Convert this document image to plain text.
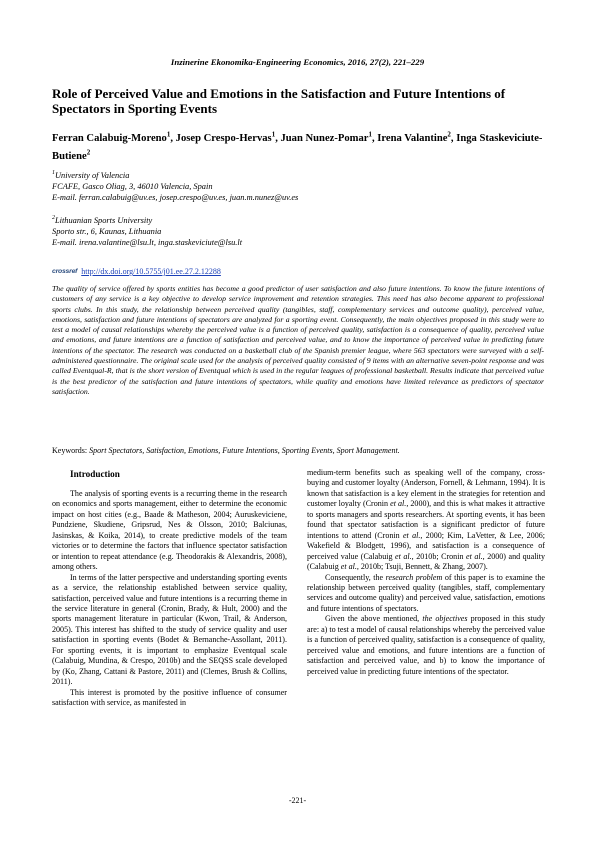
Inzinerine Ekonomika-Engineering Economics, 2016, 27(2), 221–229
Role of Perceived Value and Emotions in the Satisfaction and Future Intentions of Spectators in Sporting Events
Ferran Calabuig-Moreno$^1$, Josep Crespo-Hervas$^1$, Juan Nunez-Pomar$^1$, Irena Valantine$^2$, Inga Staskeviciute-Butiene$^2$
$^1$University of Valencia
FCAFE, Gasco Oliag, 3, 46010 Valencia, Spain
E-mail. ferran.calabuig@uv.es, josep.crespo@uv.es, juan.m.nunez@uv.es
$^2$Lithuanian Sports University
Sporto str., 6, Kaunas, Lithuania
E-mail. irena.valantine@lsu.lt, inga.staskeviciute@lsu.lt
crossref http://dx.doi.org/10.5755/j01.ee.27.2.12288
The quality of service offered by sports entities has become a good predictor of user satisfaction and also future intentions. To know the future intentions of customers of any service is a key objective to develop service improvement and retention strategies. This need has also become apparent to professional sports clubs. In this study, the relationship between perceived quality (tangibles, staff, complementary services and outcome quality), perceived value, emotions, satisfaction and future intentions of spectators are analyzed for a sporting event. Consequently, the main objectives proposed in this study were to test a model of causal relationships whereby the perceived value is a function of perceived quality, satisfaction is a consequence of quality, perceived value and emotions, and future intentions are a function of satisfaction and perceived value, and to know the importance of perceived value in predicting future intentions of the spectator. The research was conducted on a basketball club of the Spanish premier league, where 563 spectators were surveyed with a self-administered questionnaire. The original scale used for the analysis of perceived quality consisted of 9 items with an alternative seven-point response and was called Eventqual-R, that is the short version of Eventqual which is used in the regular leagues of professional basketball. Results indicate that perceived value is the best predictor of the satisfaction and future intentions of spectators, while quality and emotions have limited relevance as predictors of spectator satisfaction.
Keywords: Sport Spectators, Satisfaction, Emotions, Future Intentions, Sporting Events, Sport Management.

Introduction

The analysis of sporting events is a recurring theme in the research on economics and sports management, either to determine the economic impact on host cities (e.g., Baade & Matheson, 2004; Auruskeviciene, Pundziene, Skudiene, Gripsrud, Nes & Olsson, 2010; Balciunas, Jasinskas, & Koika, 2014), to create predictive models of the team victories or to determine the factors that influence spectator satisfaction or intention to repeat attendance (e.g. Theodorakis & Alexandris, 2008), among others.

In terms of the latter perspective and understanding sporting events as a service, the relationship established between service quality, satisfaction, perceived value and future intentions is a recurring theme in the service literature in general (Cronin, Brady, & Hult, 2000) and the sports management literature in particular (Kwon, Trail, & Anderson, 2005). This interest has shifted to the study of service quality and user satisfaction in sporting events (Bodet & Bernanche-Assollant, 2011). For sporting events, it is important to emphasize Eventqual scale (Calabuig, Mundina, & Crespo, 2010b) and the SEQSS scale developed by (Ko, Zhang, Cattani & Pastore, 2011) and (Clemes, Brush & Collins, 2011).

This interest is promoted by the positive influence of consumer satisfaction with service, as manifested in

medium-term benefits such as speaking well of the company, cross-buying and customer loyalty (Anderson, Fornell, & Lehmann, 1994). It is known that satisfaction is a key element in the strategies for retention and customer loyalty (Cronin et al., 2000), and this is what makes it attractive to sports managers and sports researchers. At sporting events, it has been found that spectator satisfaction is a significant predictor of future intentions to attend (Cronin et al., 2000; Kim, LaVetter, & Lee, 2006; Wakefield & Blodgett, 1996), and satisfaction is a consequence of perceived value (Calabuig et al., 2010b; Cronin et al., 2000) and quality (Calabuig et al., 2010b; Tsuji, Bennett, & Zhang, 2007).

Consequently, the research problem of this paper is to examine the relationship between perceived quality (tangibles, staff, complementary services and outcome quality) and perceived value, satisfaction, emotions and future intentions of spectators.

Given the above mentioned, the objectives proposed in this study are: a) to test a model of causal relationships whereby the perceived value is a function of perceived quality, satisfaction is a consequence of quality, perceived value and emotions, and future intentions are a function of satisfaction and perceived value, and b) to know the importance of perceived value in predicting future intentions of the spectator.

-221-
